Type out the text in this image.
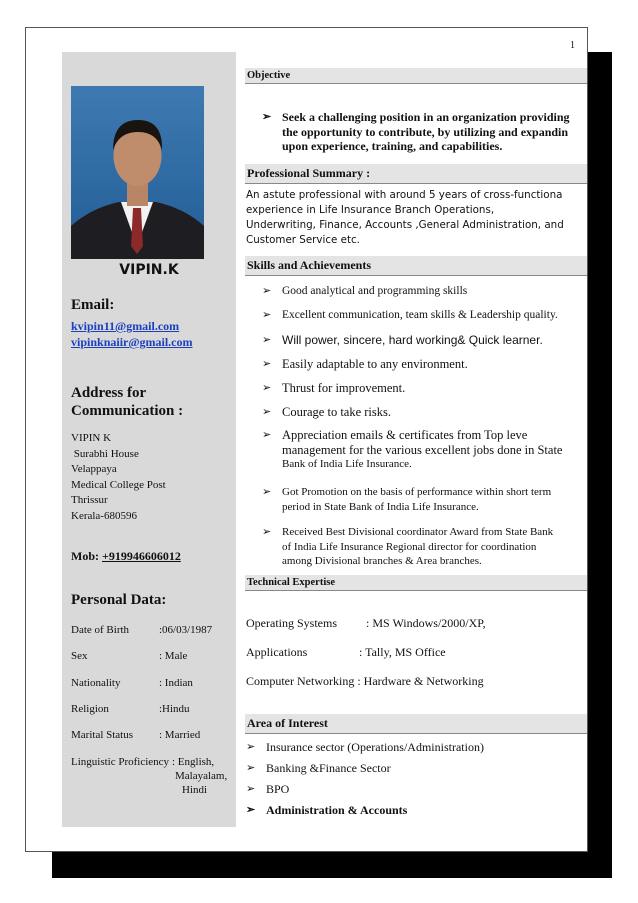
1
VIPIN.K
Email:
kvipin11@gmail.com
vipinknaiir@gmail.com
Address for
Communication :
VIPIN K
Surabhi House
Velappaya
Medical College Post
Thrissur
Kerala-680596
Mob: +919946606012
Personal Data:
Date of Birth	:06/03/1987
Sex	: Male
Nationality	: Indian
Religion	:Hindu
Marital Status : Married
Linguistic Proficiency : English,
Malayalam,
Hindi
Objective
➢ Seek a challenging position in an organization providing
the opportunity to contribute, by utilizing and expandin
upon experience, training, and capabilities.
Professional Summary :
An astute professional with around 5 years of cross-functiona
experience in Life Insurance Branch Operations,
Underwriting, Finance, Accounts ,General Administration, and
Customer Service etc.
Skills and Achievements
➢ Good analytical and programming skills
➢ Excellent communication, team skills & Leadership quality.
➢ Will power, sincere, hard working& Quick learner.
➢ Easily adaptable to any environment.
➢ Thrust for improvement.
➢ Courage to take risks.
➢ Appreciation emails & certificates from Top leve
management for the various excellent jobs done in State
Bank of India Life Insurance.
➢ Got Promotion on the basis of performance within short term
period in State Bank of India Life Insurance.
➢ Received Best Divisional coordinator Award from State Bank
of India Life Insurance Regional director for coordination
among Divisional branches & Area branches.
Technical Expertise
Operating Systems : MS Windows/2000/XP,
Applications	: Tally, MS Office
Computer Networking : Hardware & Networking
Area of Interest
➢ Insurance sector (Operations/Administration)
➢ Banking &Finance Sector
➢ BPO
➢ Administration & Accounts
